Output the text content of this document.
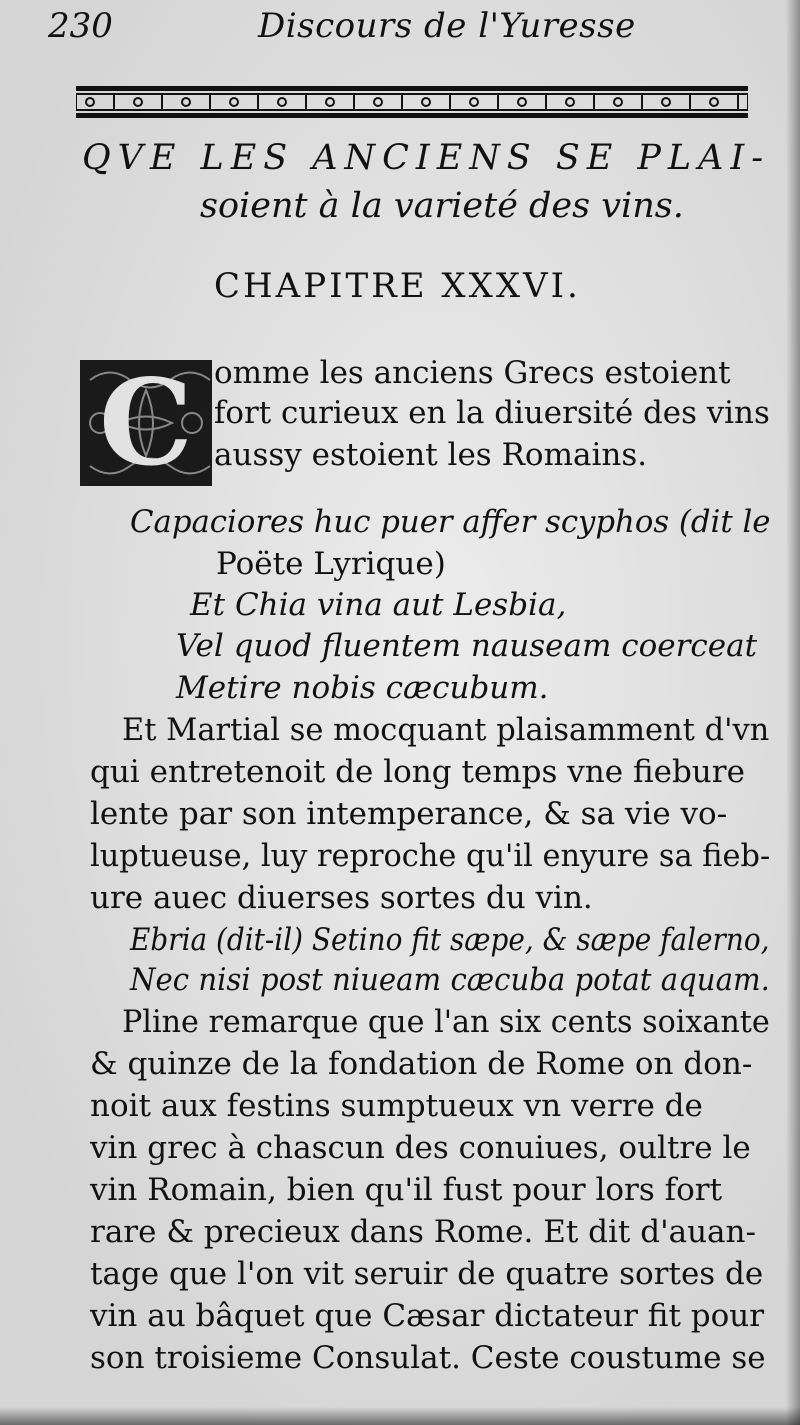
230	Discours de l'Yuresse
QVE LES ANCIENS SE PLAI-
soient à la varieté des vins.
CHAPITRE XXXVI.
C omme les anciens Grecs estoient
fort curieux en la diuersité des vins
aussy estoient les Romains.
Capaciores huc puer affer scyphos (dit le
Poëte Lyrique)
Et Chia vina aut Lesbia,
Vel quod fluentem nauseam coerceat
Metire nobis cæcubum.
Et Martial se mocquant plaisamment d'vn
qui entretenoit de long temps vne fiebure
lente par son intemperance, & sa vie vo-
luptueuse, luy reproche qu'il enyure sa fieb-
ure auec diuerses sortes du vin.
Ebria (dit-il) Setino fit sæpe, & sæpe falerno,
Nec nisi post niueam cæcuba potat aquam.
Pline remarque que l'an six cents soixante
& quinze de la fondation de Rome on don-
noit aux festins sumptueux vn verre de
vin grec à chascun des conuiues, oultre le
vin Romain, bien qu'il fust pour lors fort
rare & precieux dans Rome. Et dit d'auan-
tage que l'on vit seruir de quatre sortes de
vin au bâquet que Cæsar dictateur fit pour
son troisieme Consulat. Ceste coustume se
